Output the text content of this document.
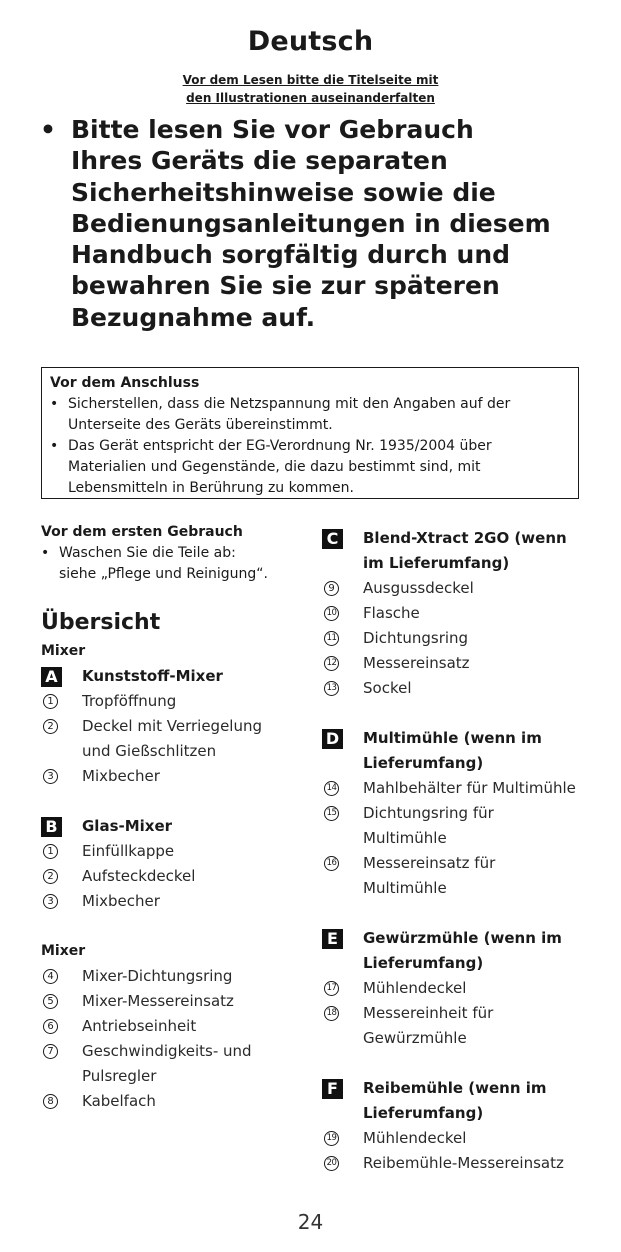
Deutsch
Vor dem Lesen bitte die Titelseite mit
den Illustrationen auseinanderfalten
• Bitte lesen Sie vor Gebrauch
Ihres Geräts die separaten
Sicherheitshinweise sowie die
Bedienungsanleitungen in diesem
Handbuch sorgfältig durch und
bewahren Sie sie zur späteren
Bezugnahme auf.
Vor dem Anschluss
• Sicherstellen, dass die Netzspannung mit den Angaben auf der
Unterseite des Geräts übereinstimmt.
• Das Gerät entspricht der EG-Verordnung Nr. 1935/2004 über
Materialien und Gegenstände, die dazu bestimmt sind, mit
Lebensmitteln in Berührung zu kommen.
Vor dem ersten Gebrauch
• Waschen Sie die Teile ab:
siehe „Pflege und Reinigung“.
Übersicht
Mixer
A Kunststoff-Mixer
1 Tropföffnung
2 Deckel mit Verriegelung
und Gießschlitzen
3 Mixbecher
B Glas-Mixer
1 Einfüllkappe
2 Aufsteckdeckel
3 Mixbecher
Mixer
4 Mixer-Dichtungsring
5 Mixer-Messereinsatz
6 Antriebseinheit
7 Geschwindigkeits- und
Pulsregler
8 Kabelfach
C	Blend-Xtract 2GO (wenn
im Lieferumfang)
9 Ausgussdeckel
10 Flasche
11 Dichtungsring
12 Messereinsatz
13 Sockel
D Multimühle (wenn im
Lieferumfang)
14 Mahlbehälter für Multimühle
15 Dichtungsring für
Multimühle
16 Messereinsatz für
Multimühle
E	Gewürzmühle (wenn im
Lieferumfang)
17 Mühlendeckel
18 Messereinheit für
Gewürzmühle
F	Reibemühle (wenn im
Lieferumfang)
19 Mühlendeckel
20 Reibemühle-Messereinsatz
24
